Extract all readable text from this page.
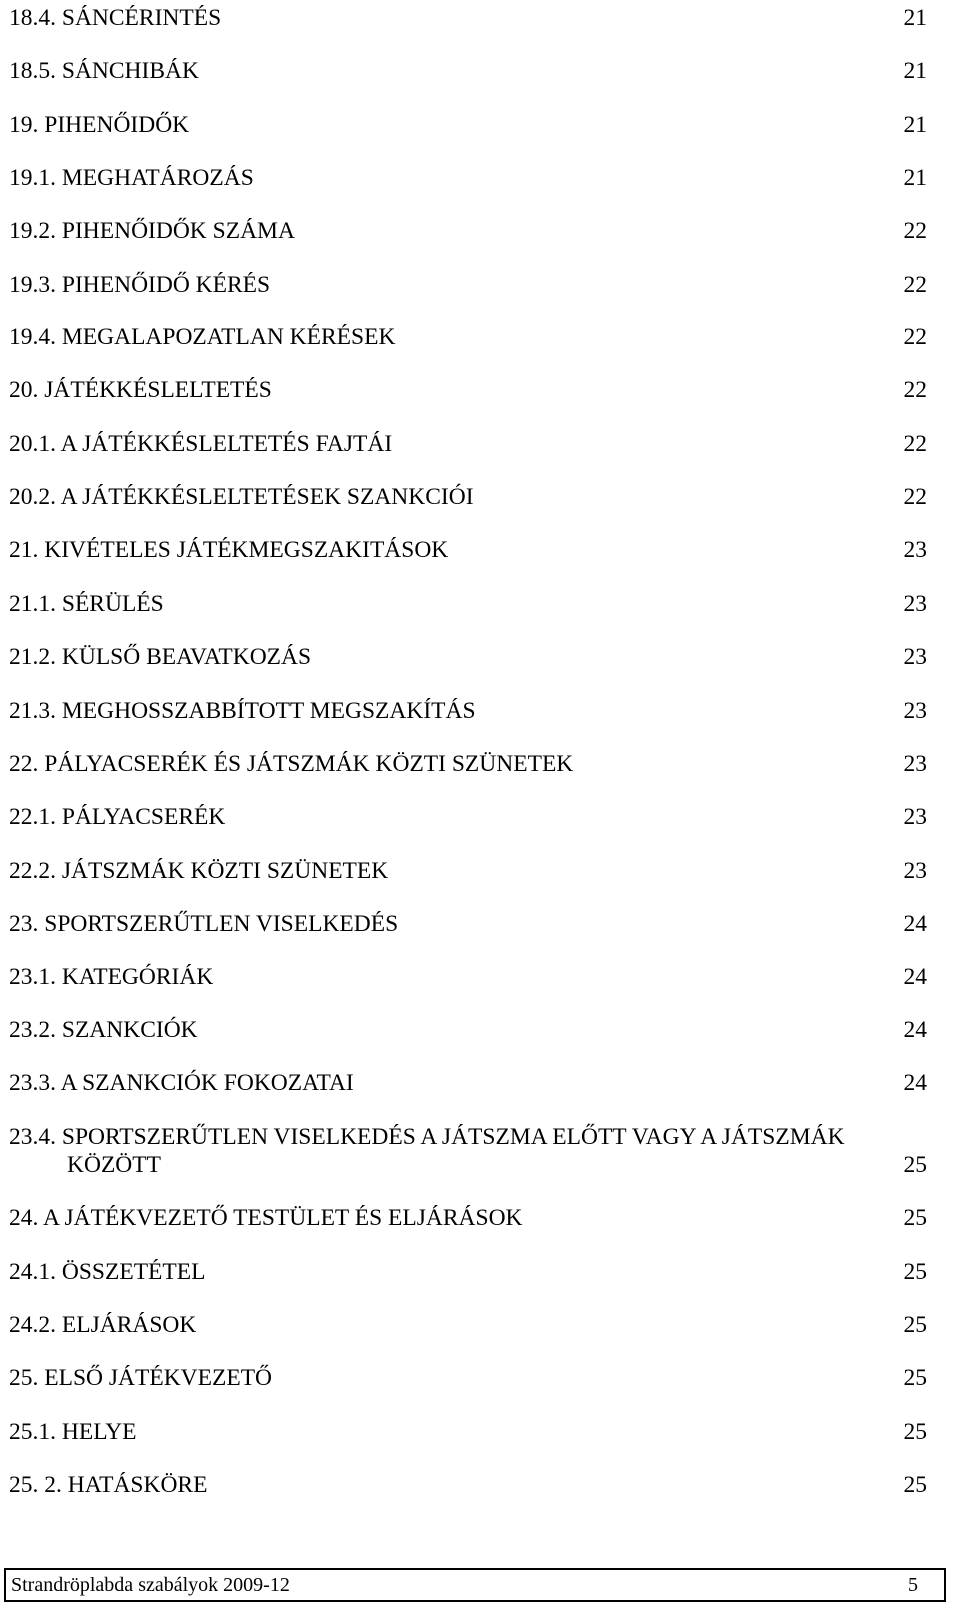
18.4. SÁNCÉRINTÉS	21
18.5. SÁNCHIBÁK	21
19. PIHENŐIDŐK	21
19.1. MEGHATÁROZÁS	21
19.2. PIHENŐIDŐK SZÁMA	22
19.3. PIHENŐIDŐ KÉRÉS	22
19.4. MEGALAPOZATLAN KÉRÉSEK	22
20. JÁTÉKKÉSLELTETÉS	22
20.1. A JÁTÉKKÉSLELTETÉS FAJTÁI	22
20.2. A JÁTÉKKÉSLELTETÉSEK SZANKCIÓI	22
21. KIVÉTELES JÁTÉKMEGSZAKITÁSOK	23
21.1. SÉRÜLÉS	23
21.2. KÜLSŐ BEAVATKOZÁS	23
21.3. MEGHOSSZABBÍTOTT MEGSZAKÍTÁS	23
22. PÁLYACSERÉK ÉS JÁTSZMÁK KÖZTI SZÜNETEK	23
22.1. PÁLYACSERÉK	23
22.2. JÁTSZMÁK KÖZTI SZÜNETEK	23
23. SPORTSZERŰTLEN VISELKEDÉS	24
23.1. KATEGÓRIÁK	24
23.2. SZANKCIÓK	24
23.3. A SZANKCIÓK FOKOZATAI	24
23.4. SPORTSZERŰTLEN VISELKEDÉS A JÁTSZMA ELŐTT VAGY A JÁTSZMÁK
KÖZÖTT	25
24. A JÁTÉKVEZETŐ TESTÜLET ÉS ELJÁRÁSOK	25
24.1. ÖSSZETÉTEL	25
24.2. ELJÁRÁSOK	25
25. ELSŐ JÁTÉKVEZETŐ	25
25.1. HELYE	25
25. 2. HATÁSKÖRE	25
Strandröplabda szabályok 2009-12	5
